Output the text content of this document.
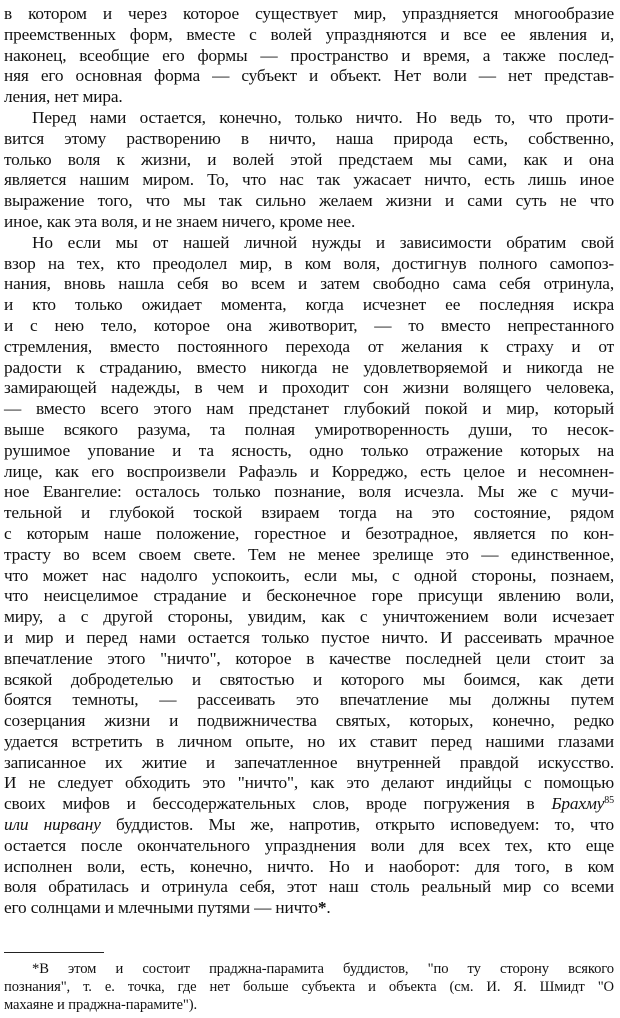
в котором и через которое существует мир, упраздняется многообразие
преемственных форм, вместе с волей упраздняются и все ее явления и,
наконец, всеобщие его формы — пространство и время, а также послед-
няя его основная форма — субъект и объект. Нет воли — нет представ-
ления, нет мира.
Перед нами остается, конечно, только ничто. Но ведь то, что проти-
вится этому растворению в ничто, наша природа есть, собственно,
только воля к жизни, и волей этой предстаем мы сами, как и она
является нашим миром. То, что нас так ужасает ничто, есть лишь иное
выражение того, что мы так сильно желаем жизни и сами суть не что
иное, как эта воля, и не знаем ничего, кроме нее.
Но если мы от нашей личной нужды и зависимости обратим свой
взор на тех, кто преодолел мир, в ком воля, достигнув полного самопоз-
нания, вновь нашла себя во всем и затем свободно сама себя отринула,
и кто только ожидает момента, когда исчезнет ее последняя искра
и с нею тело, которое она животворит, — то вместо непрестанного
стремления, вместо постоянного перехода от желания к страху и от
радости к страданию, вместо никогда не удовлетворяемой и никогда не
замирающей надежды, в чем и проходит сон жизни волящего человека,
— вместо всего этого нам предстанет глубокий покой и мир, который
выше всякого разума, та полная умиротворенность души, то несок-
рушимое упование и та ясность, одно только отражение которых на
лице, как его воспроизвели Рафаэль и Корреджо, есть целое и несомнен-
ное Евангелие: осталось только познание, воля исчезла. Мы же с мучи-
тельной и глубокой тоской взираем тогда на это состояние, рядом
с которым наше положение, горестное и безотрадное, является по кон-
трасту во всем своем свете. Тем не менее зрелище это — единственное,
что может нас надолго успокоить, если мы, с одной стороны, познаем,
что неисцелимое страдание и бесконечное горе присущи явлению воли,
миру, а с другой стороны, увидим, как с уничтожением воли исчезает
и мир и перед нами остается только пустое ничто. И рассеивать мрачное
впечатление этого "ничто", которое в качестве последней цели стоит за
всякой добродетелью и святостью и которого мы боимся, как дети
боятся темноты, — рассеивать это впечатление мы должны путем
созерцания жизни и подвижничества святых, которых, конечно, редко
удается встретить в личном опыте, но их ставит перед нашими глазами
записанное их житие и запечатленное внутренней правдой искусство.
И не следует обходить это "ничто", как это делают индийцы с помощью
своих мифов и бессодержательных слов, вроде погружения в Брахму$^{85}$
или нирвану буддистов. Мы же, напротив, открыто исповедуем: то, что
остается после окончательного упразднения воли для всех тех, кто еще
исполнен воли, есть, конечно, ничто. Но и наоборот: для того, в ком
воля обратилась и отринула себя, этот наш столь реальный мир со всеми
его солнцами и млечными путями — ничто*.
*В этом и состоит праджна-парамита буддистов, "по ту сторону всякого
познания", т. е. точка, где нет больше субъекта и объекта (см. И. Я. Шмидт "О
махаяне и праджна-парамите").
